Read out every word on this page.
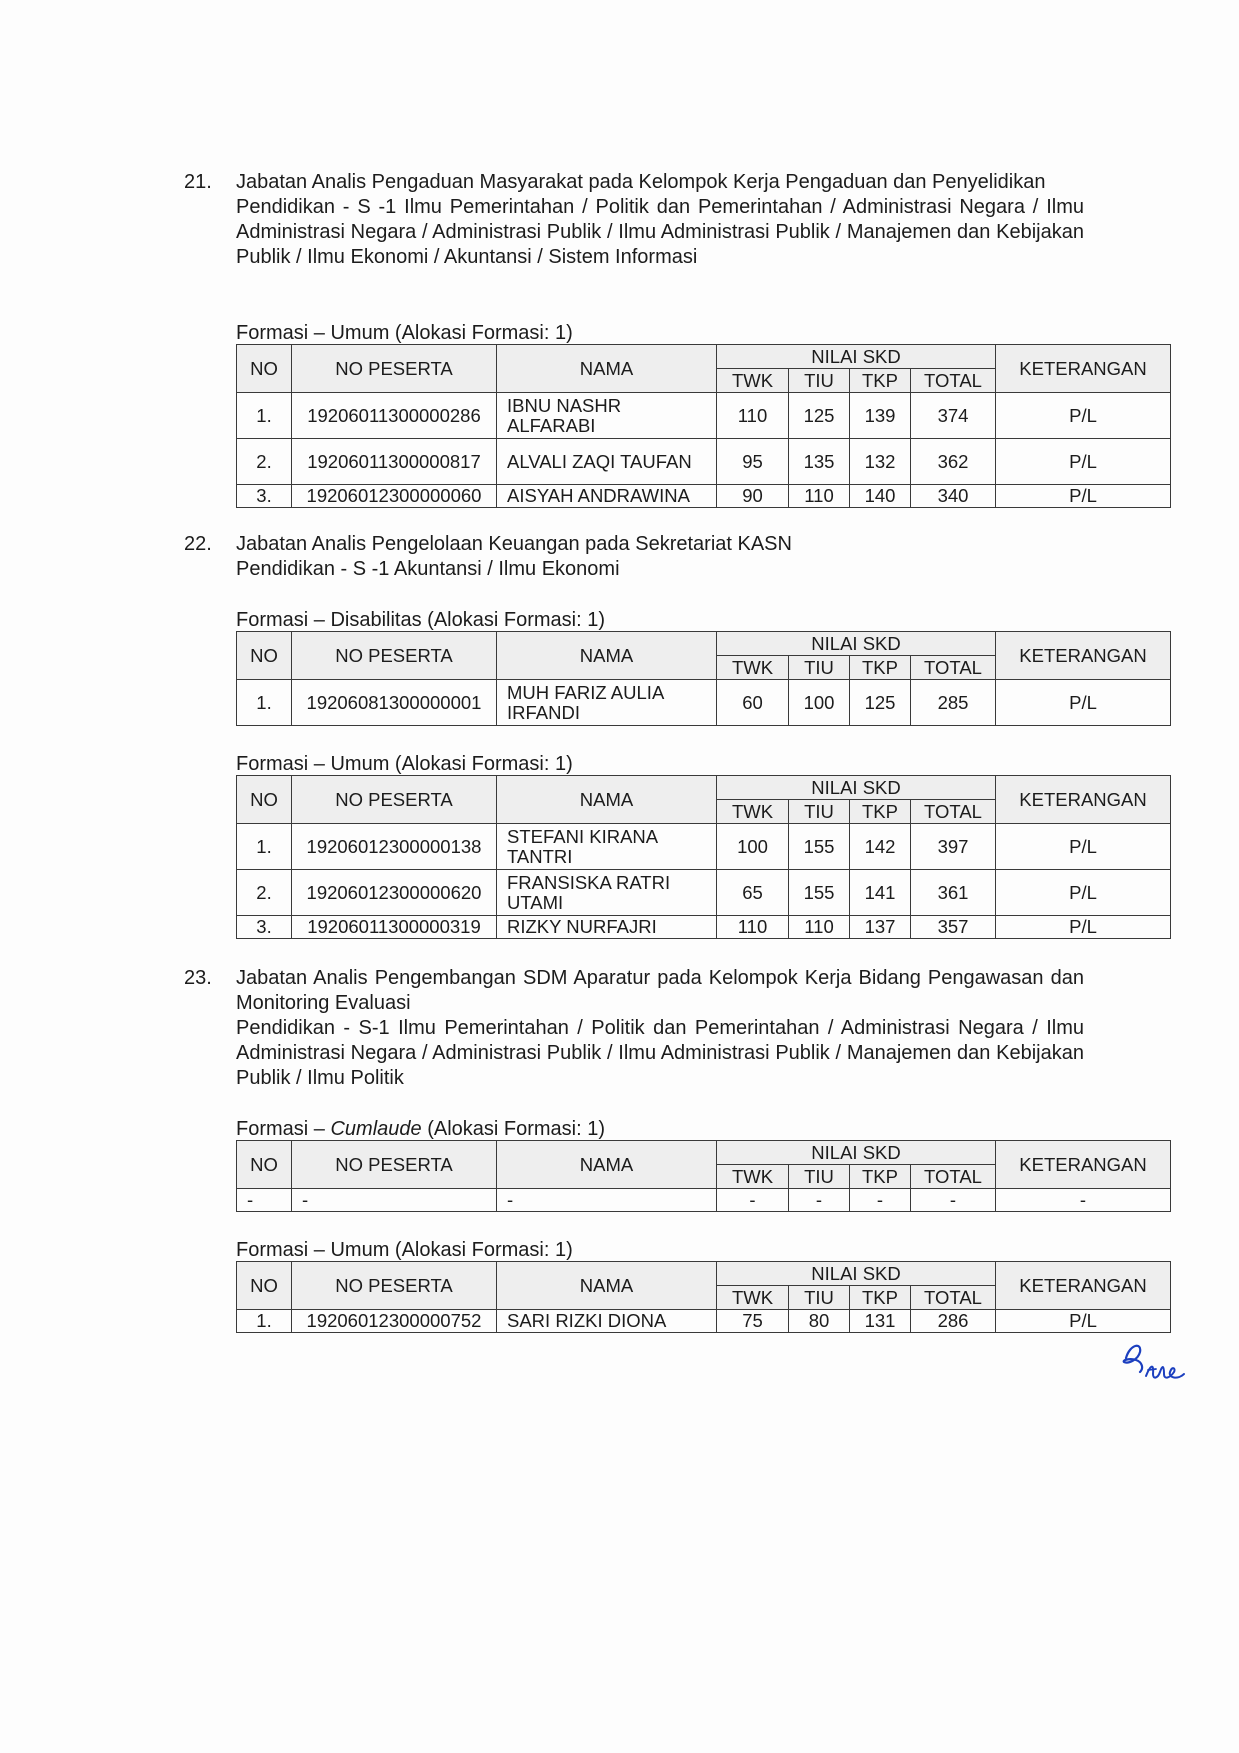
21.	Jabatan Analis Pengaduan Masyarakat pada Kelompok Kerja Pengaduan dan Penyelidikan

Pendidikan - S -1 Ilmu Pemerintahan / Politik dan Pemerintahan / Administrasi Negara / Ilmu Administrasi Negara / Administrasi Publik / Ilmu Administrasi Publik / Manajemen dan Kebijakan Publik / Ilmu Ekonomi / Akuntansi / Sistem Informasi

Formasi – Umum (Alokasi Formasi: 1)
NO	NO PESERTA	NAMA	NILAI SKD				KETERANGAN
			TWK	TIU	TKP	TOTAL	
1.	19206011300000286	IBNU NASHR ALFARABI	110	125	139	374	P/L
2.	19206011300000817	ALVALI ZAQI TAUFAN	95	135	132	362	P/L
3.	19206012300000060	AISYAH ANDRAWINA	90	110	140	340	P/L
22.	Jabatan Analis Pengelolaan Keuangan pada Sekretariat KASN

Pendidikan - S -1 Akuntansi / Ilmu Ekonomi

Formasi – Disabilitas (Alokasi Formasi: 1)
NO	NO PESERTA	NAMA	NILAI SKD				KETERANGAN
			TWK	TIU	TKP	TOTAL	
1.	19206081300000001	MUH FARIZ AULIA IRFANDI	60	100	125	285	P/L
Formasi – Umum (Alokasi Formasi: 1)
NO	NO PESERTA	NAMA	NILAI SKD				KETERANGAN
			TWK	TIU	TKP	TOTAL	
1.	19206012300000138	STEFANI KIRANA TANTRI	100	155	142	397	P/L
2.	19206012300000620	FRANSISKA RATRI UTAMI	65	155	141	361	P/L
3.	19206011300000319	RIZKY NURFAJRI	110	110	137	357	P/L
23.	Jabatan Analis Pengembangan SDM Aparatur pada Kelompok Kerja Bidang Pengawasan dan Monitoring Evaluasi

Pendidikan - S-1 Ilmu Pemerintahan / Politik dan Pemerintahan / Administrasi Negara / Ilmu Administrasi Negara / Administrasi Publik / Ilmu Administrasi Publik / Manajemen dan Kebijakan Publik / Ilmu Politik

Formasi – Cumlaude (Alokasi Formasi: 1)
NO	NO PESERTA	NAMA	NILAI SKD				KETERANGAN
			TWK	TIU	TKP	TOTAL	
-	-	-	-	-	-	-	-
Formasi – Umum (Alokasi Formasi: 1)
NO	NO PESERTA	NAMA	NILAI SKD				KETERANGAN
			TWK	TIU	TKP	TOTAL	
1.	19206012300000752	SARI RIZKI DIONA	75	80	131	286	P/L
